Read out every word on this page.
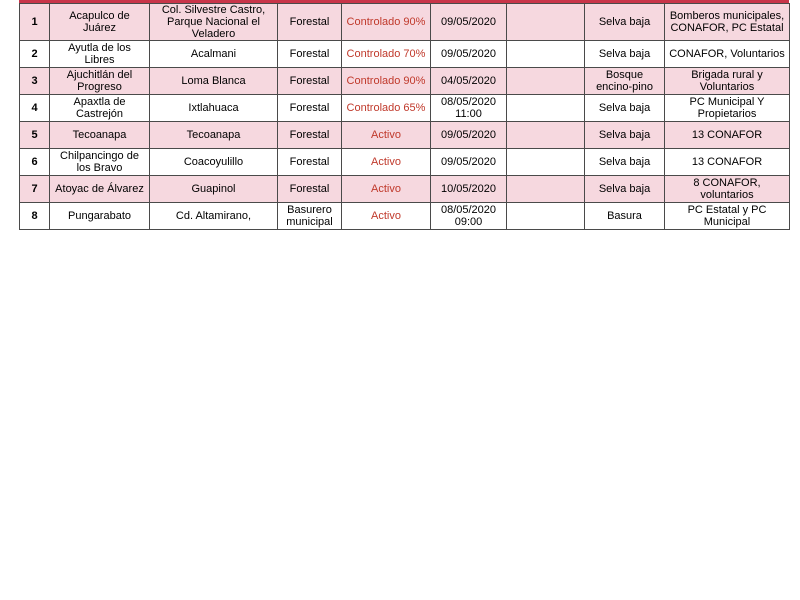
1	Acapulco de Juárez	Col. Silvestre Castro, Parque Nacional el Veladero	Forestal	Controlado 90%	09/05/2020		Selva baja	Bomberos municipales, CONAFOR, PC Estatal
2	Ayutla de los Libres	Acalmani	Forestal	Controlado 70%	09/05/2020		Selva baja	CONAFOR, Voluntarios
3	Ajuchitlán del Progreso	Loma Blanca	Forestal	Controlado 90%	04/05/2020		Bosque encino-pino	Brigada rural y Voluntarios
4	Apaxtla de Castrejón	Ixtlahuaca	Forestal	Controlado 65%	08/05/2020 11:00		Selva baja	PC Municipal Y Propietarios
5	Tecoanapa	Tecoanapa	Forestal	Activo	09/05/2020		Selva baja	13 CONAFOR
6	Chilpancingo de los Bravo	Coacoyulillo	Forestal	Activo	09/05/2020		Selva baja	13 CONAFOR
7	Atoyac de Álvarez	Guapinol	Forestal	Activo	10/05/2020		Selva baja	8 CONAFOR, voluntarios
8	Pungarabato	Cd. Altamirano,	Basurero municipal	Activo	08/05/2020 09:00		Basura	PC Estatal y PC Municipal
